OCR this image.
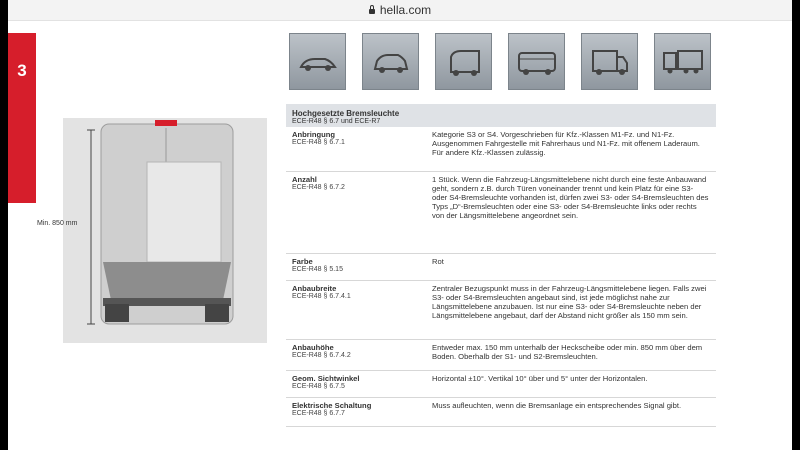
hella.com
3
Min. 850 mm
Hochgesetzte Bremsleuchte
ECE-R48 § 6.7 und ECE-R7
Anbringung
ECE-R48 § 6.7.1
Kategorie S3 or S4. Vorgeschrieben für Kfz.-Klassen M1-Fz. und N1-Fz. Ausgenommen Fahrgestelle mit Fahrerhaus und N1-Fz. mit offenem Laderaum. Für andere Kfz.-Klassen zulässig.
Anzahl
ECE-R48 § 6.7.2
1 Stück. Wenn die Fahrzeug-Längsmittelebene nicht durch eine feste Anbauwand geht, sondern z.B. durch Türen voneinander trennt und kein Platz für eine S3- oder S4-Bremsleuchte vorhanden ist, dürfen zwei S3- oder S4-Bremsleuchten des Typs „D“-Bremsleuchten oder eine S3- oder S4-Bremsleuchte links oder rechts von der Längsmittelebene angeordnet sein.
Farbe
ECE-R48 § 5.15
Rot
Anbaubreite
ECE-R48 § 6.7.4.1
Zentraler Bezugspunkt muss in der Fahrzeug-Längsmittelebene liegen. Falls zwei S3- oder S4-Bremsleuchten angebaut sind, ist jede möglichst nahe zur Längsmittelebene anzubauen. Ist nur eine S3- oder S4-Bremsleuchte neben der Längsmittelebene angebaut, darf der Abstand nicht größer als 150 mm sein.
Anbauhöhe
ECE-R48 § 6.7.4.2
Entweder max. 150 mm unterhalb der Heckscheibe oder min. 850 mm über dem Boden. Oberhalb der S1- und S2-Bremsleuchten.
Geom. Sichtwinkel
ECE-R48 § 6.7.5
Horizontal ±10°. Vertikal 10° über und 5° unter der Horizontalen.
Elektrische Schaltung
ECE-R48 § 6.7.7
Muss aufleuchten, wenn die Bremsanlage ein entsprechendes Signal gibt.
